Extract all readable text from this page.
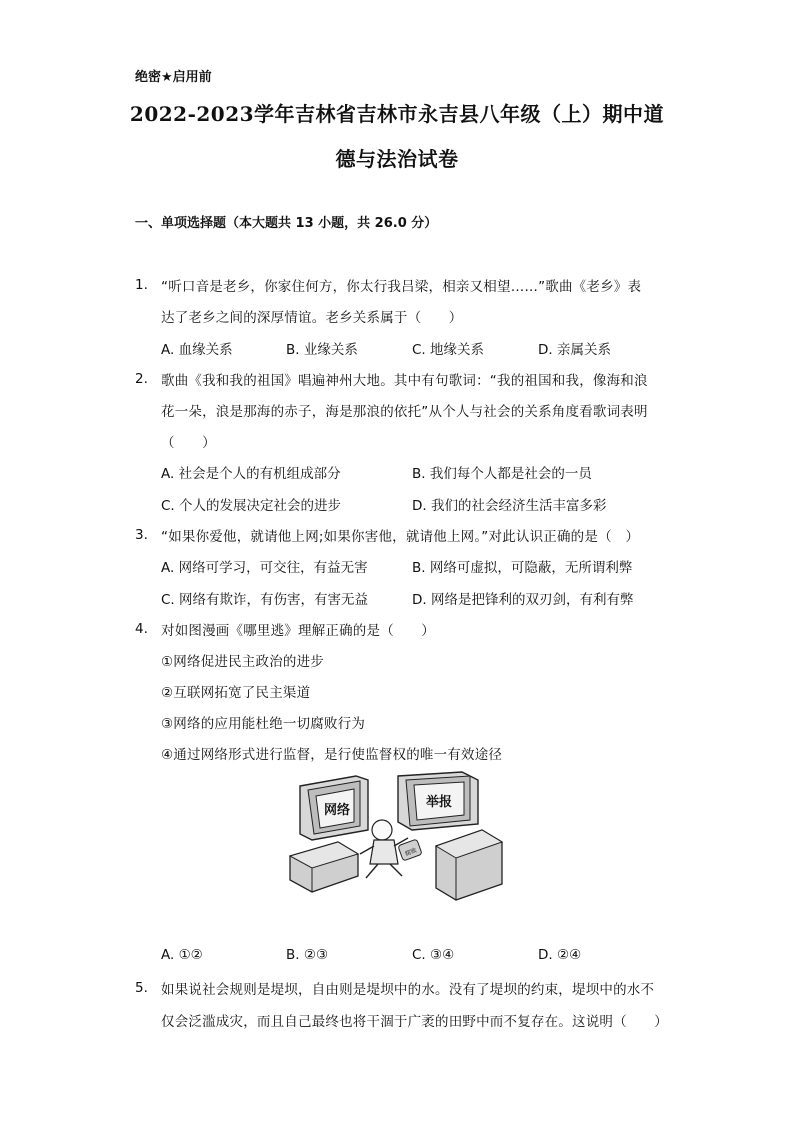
绝密★启用前
2022-2023学年吉林省吉林市永吉县八年级（上）期中道
德与法治试卷
一、单项选择题（本大题共 13 小题，共 26.0 分）
1. “听口音是老乡，你家住何方，你太行我吕梁，相亲又相望……”歌曲《老乡》表
达了老乡之间的深厚情谊。老乡关系属于（　　）
A. 血缘关系	B. 业缘关系	C. 地缘关系	D. 亲属关系
2. 歌曲《我和我的祖国》唱遍神州大地。其中有句歌词：“我的祖国和我，像海和浪
花一朵，浪是那海的赤子，海是那浪的依托”从个人与社会的关系角度看歌词表明
（　　）
A. 社会是个人的有机组成部分	B. 我们每个人都是社会的一员
C. 个人的发展决定社会的进步	D. 我们的社会经济生活丰富多彩
3. “如果你爱他，就请他上网;如果你害他，就请他上网。”对此认识正确的是（　）
A. 网络可学习，可交往，有益无害	B. 网络可虚拟，可隐蔽，无所谓利弊
C. 网络有欺诈，有伤害，有害无益	D. 网络是把锋利的双刃剑，有利有弊
4. 对如图漫画《哪里逃》理解正确的是（　　）
①网络促进民主政治的进步
②互联网拓宽了民主渠道
③网络的应用能杜绝一切腐败行为
④通过网络形式进行监督，是行使监督权的唯一有效途径
网络
举报
腐败
A. ①②	B. ②③	C. ③④	D. ②④
5. 如果说社会规则是堤坝，自由则是堤坝中的水。没有了堤坝的约束，堤坝中的水不
仅会泛滥成灾，而且自己最终也将干涸于广袤的田野中而不复存在。这说明（　　）
